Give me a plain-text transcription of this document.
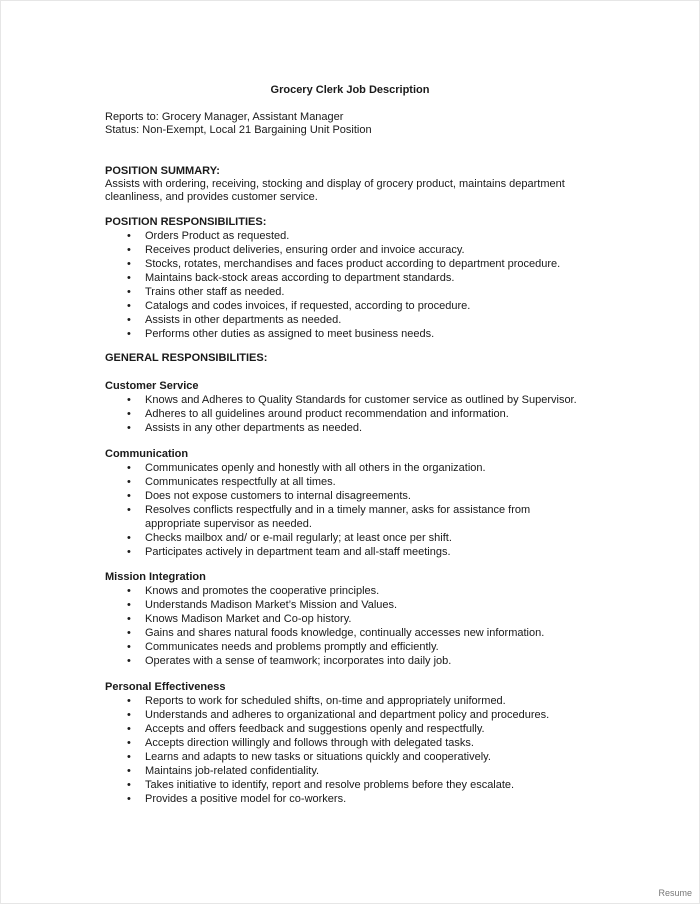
Grocery Clerk Job Description
Reports to: Grocery Manager, Assistant Manager
Status: Non-Exempt, Local 21 Bargaining Unit Position
POSITION SUMMARY:
Assists with ordering, receiving, stocking and display of grocery product, maintains department
cleanliness, and provides customer service.
POSITION RESPONSIBILITIES:
• Orders Product as requested.
• Receives product deliveries, ensuring order and invoice accuracy.
• Stocks, rotates, merchandises and faces product according to department procedure.
• Maintains back-stock areas according to department standards.
• Trains other staff as needed.
• Catalogs and codes invoices, if requested, according to procedure.
• Assists in other departments as needed.
• Performs other duties as assigned to meet business needs.
GENERAL RESPONSIBILITIES:
Customer Service
• Knows and Adheres to Quality Standards for customer service as outlined by Supervisor.
• Adheres to all guidelines around product recommendation and information.
• Assists in any other departments as needed.
Communication
• Communicates openly and honestly with all others in the organization.
• Communicates respectfully at all times.
• Does not expose customers to internal disagreements.
• Resolves conflicts respectfully and in a timely manner, asks for assistance from appropriate supervisor as needed.
• Checks mailbox and/ or e-mail regularly; at least once per shift.
• Participates actively in department team and all-staff meetings.
Mission Integration
• Knows and promotes the cooperative principles.
• Understands Madison Market’s Mission and Values.
• Knows Madison Market and Co-op history.
• Gains and shares natural foods knowledge, continually accesses new information.
• Communicates needs and problems promptly and efficiently.
• Operates with a sense of teamwork; incorporates into daily job.
Personal Effectiveness
• Reports to work for scheduled shifts, on-time and appropriately uniformed.
• Understands and adheres to organizational and department policy and procedures.
• Accepts and offers feedback and suggestions openly and respectfully.
• Accepts direction willingly and follows through with delegated tasks.
• Learns and adapts to new tasks or situations quickly and cooperatively.
• Maintains job-related confidentiality.
• Takes initiative to identify, report and resolve problems before they escalate.
• Provides a positive model for co-workers.
Resume
